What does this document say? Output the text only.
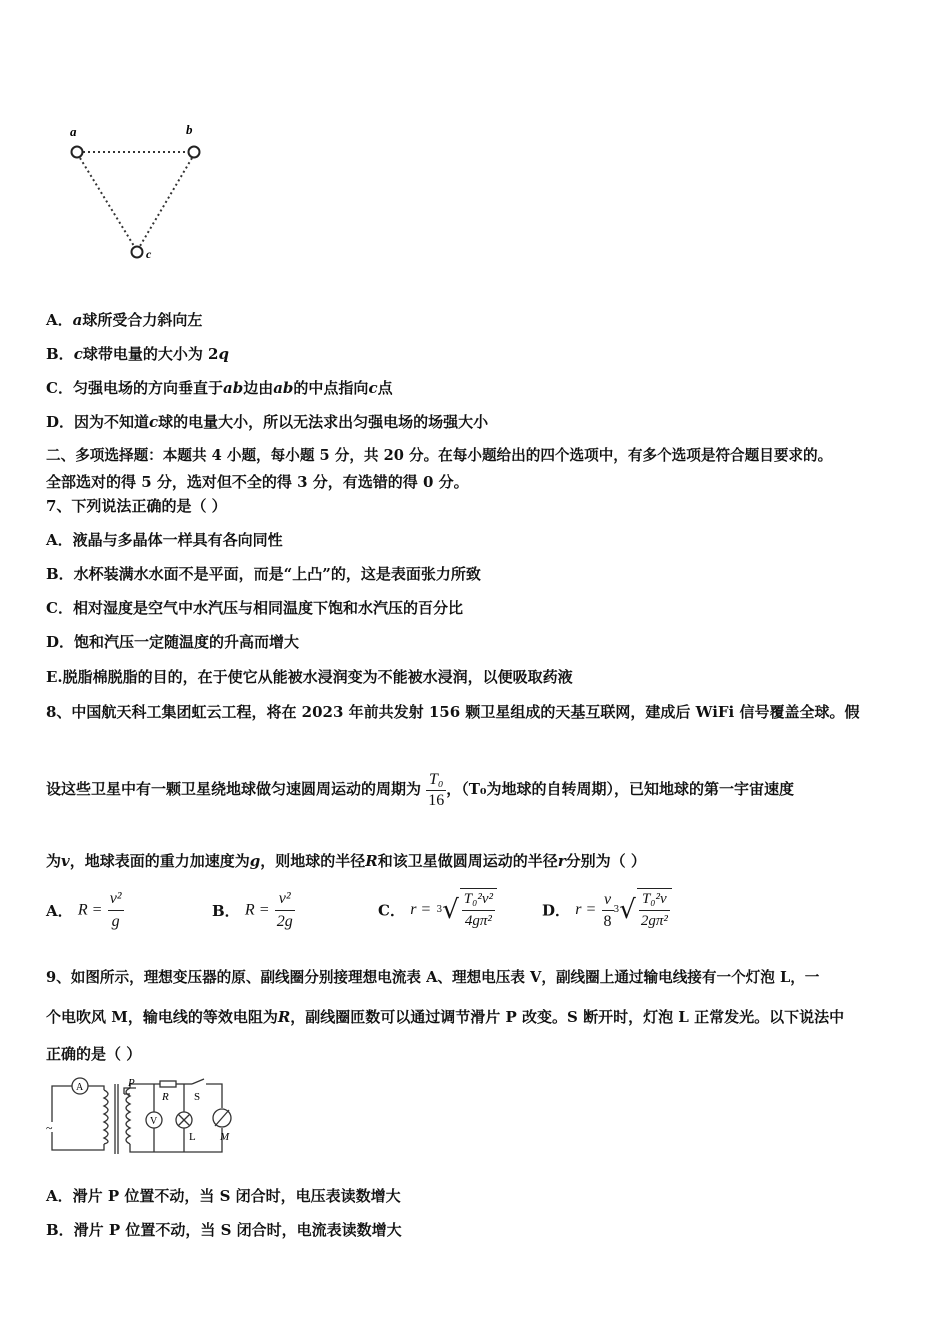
a	b
c
A．a球所受合力斜向左
B．c球带电量的大小为 2q
C．匀强电场的方向垂直于ab边由ab的中点指向c点
D．因为不知道c球的电量大小，所以无法求出匀强电场的场强大小
二、多项选择题：本题共 4 小题，每小题 5 分，共 20 分。在每小题给出的四个选项中，有多个选项是符合题目要求的。
全部选对的得 5 分，选对但不全的得 3 分，有选错的得 0 分。
7、下列说法正确的是（ ）
A．液晶与多晶体一样具有各向同性
B．水杯装满水水面不是平面，而是“上凸”的，这是表面张力所致
C．相对湿度是空气中水汽压与相同温度下饱和水汽压的百分比
D．饱和汽压一定随温度的升高而增大
E.脱脂棉脱脂的目的，在于使它从能被水浸润变为不能被水浸润，以便吸取药液
8、中国航天科工集团虹云工程，将在 2023 年前共发射 156 颗卫星组成的天基互联网，建成后 WiFi 信号覆盖全球。假
设这些卫星中有一颗卫星绕地球做匀速圆周运动的周期为 $\frac{\text{T₀}}{16}$ ，（T₀为地球的自转周期），已知地球的第一宇宙速度
为v，地球表面的重力加速度为g，则地球的半径R和该卫星做圆周运动的半径r分别为（ ）
A． $R = \frac{\text{v²}}{g}$	B． $R = \frac{\text{v²}}{2g}$	C． $r = 3√ \frac{\text{T₀²v²}}{\text{4gπ²}}$	D． $r = \frac{v}{8} 3√ \frac{\text{T₀²v}}{\text{2gπ²}}$
9、如图所示，理想变压器的原、副线圈分别接理想电流表 A、理想电压表 V，副线圈上通过输电线接有一个灯泡 L，一
个电吹风 M，输电线的等效电阻为R，副线圈匝数可以通过调节滑片 P 改变。S 断开时，灯泡 L 正常发光。以下说法中
正确的是（ ）
A
V
P
R S
L M
~
A．滑片 P 位置不动，当 S 闭合时，电压表读数增大
B．滑片 P 位置不动，当 S 闭合时，电流表读数增大
